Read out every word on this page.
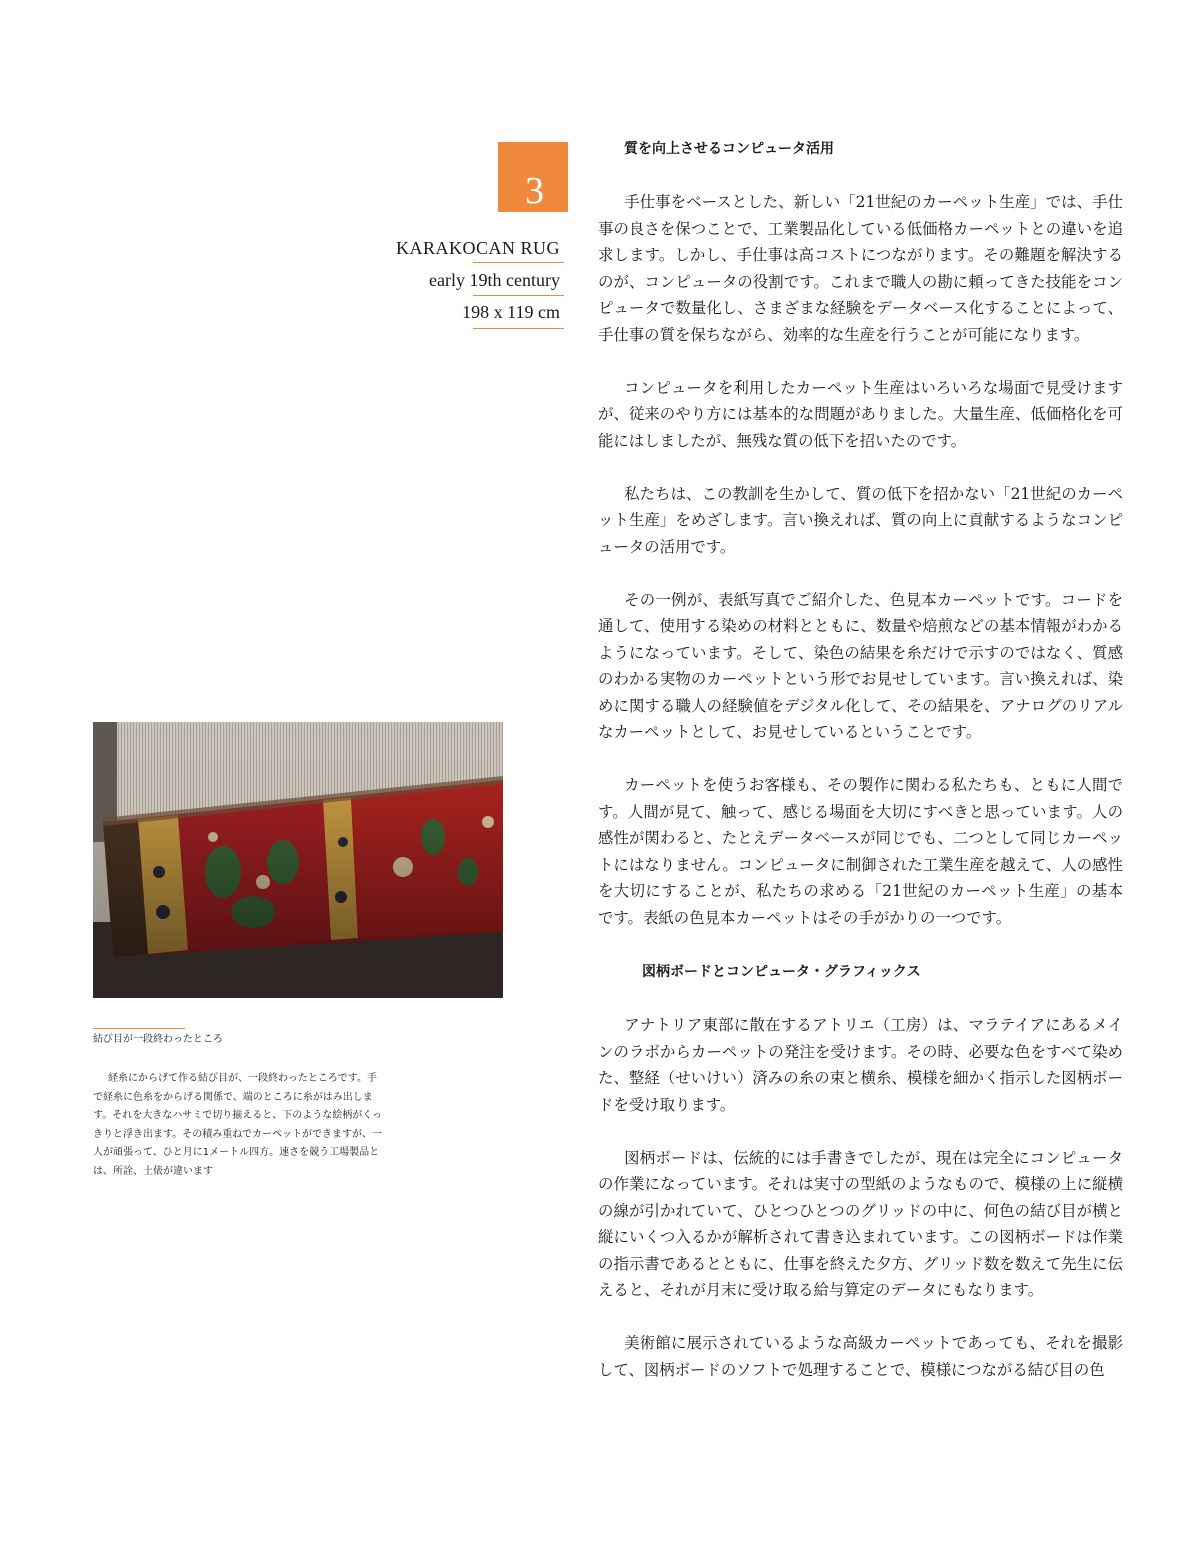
3
KARAKOCAN RUG
early 19th century
198 x 119 cm
結び目が一段終わったところ
経糸にからげて作る結び目が、一段終わったところです。手で経糸に色糸をからげる関係で、端のところに糸がはみ出します。それを大きなハサミで切り揃えると、下のような絵柄がくっきりと浮き出ます。その積み重ねでカーペットができますが、一人が頑張って、ひと月に1メートル四方。速さを競う工場製品とは、所詮、土俵が違います
質を向上させるコンピュータ活用

手仕事をベースとした、新しい「21世紀のカーペット生産」では、手仕事の良さを保つことで、工業製品化している低価格カーペットとの違いを追求します。しかし、手仕事は高コストにつながります。その難題を解決するのが、コンピュータの役割です。これまで職人の勘に頼ってきた技能をコンピュータで数量化し、さまざまな経験をデータベース化することによって、手仕事の質を保ちながら、効率的な生産を行うことが可能になります。

コンピュータを利用したカーペット生産はいろいろな場面で見受けますが、従来のやり方には基本的な問題がありました。大量生産、低価格化を可能にはしましたが、無残な質の低下を招いたのです。

私たちは、この教訓を生かして、質の低下を招かない「21世紀のカーペット生産」をめざします。言い換えれば、質の向上に貢献するようなコンピュータの活用です。

その一例が、表紙写真でご紹介した、色見本カーペットです。コードを通して、使用する染めの材料とともに、数量や焙煎などの基本情報がわかるようになっています。そして、染色の結果を糸だけで示すのではなく、質感のわかる実物のカーペットという形でお見せしています。言い換えれば、染めに関する職人の経験値をデジタル化して、その結果を、アナログのリアルなカーペットとして、お見せしているということです。

カーペットを使うお客様も、その製作に関わる私たちも、ともに人間です。人間が見て、触って、感じる場面を大切にすべきと思っています。人の感性が関わると、たとえデータベースが同じでも、二つとして同じカーペットにはなりません。コンピュータに制御された工業生産を越えて、人の感性を大切にすることが、私たちの求める「21世紀のカーペット生産」の基本です。表紙の色見本カーペットはその手がかりの一つです。

図柄ボードとコンピュータ・グラフィックス

アナトリア東部に散在するアトリエ（工房）は、マラテイアにあるメインのラボからカーペットの発注を受けます。その時、必要な色をすべて染めた、整経（せいけい）済みの糸の束と横糸、模様を細かく指示した図柄ボードを受け取ります。

図柄ボードは、伝統的には手書きでしたが、現在は完全にコンピュータの作業になっています。それは実寸の型紙のようなもので、模様の上に縦横の線が引かれていて、ひとつひとつのグリッドの中に、何色の結び目が横と縦にいくつ入るかが解析されて書き込まれています。この図柄ボードは作業の指示書であるとともに、仕事を終えた夕方、グリッド数を数えて先生に伝えると、それが月末に受け取る給与算定のデータにもなります。

美術館に展示されているような高級カーペットであっても、それを撮影して、図柄ボードのソフトで処理することで、模様につながる結び目の色
